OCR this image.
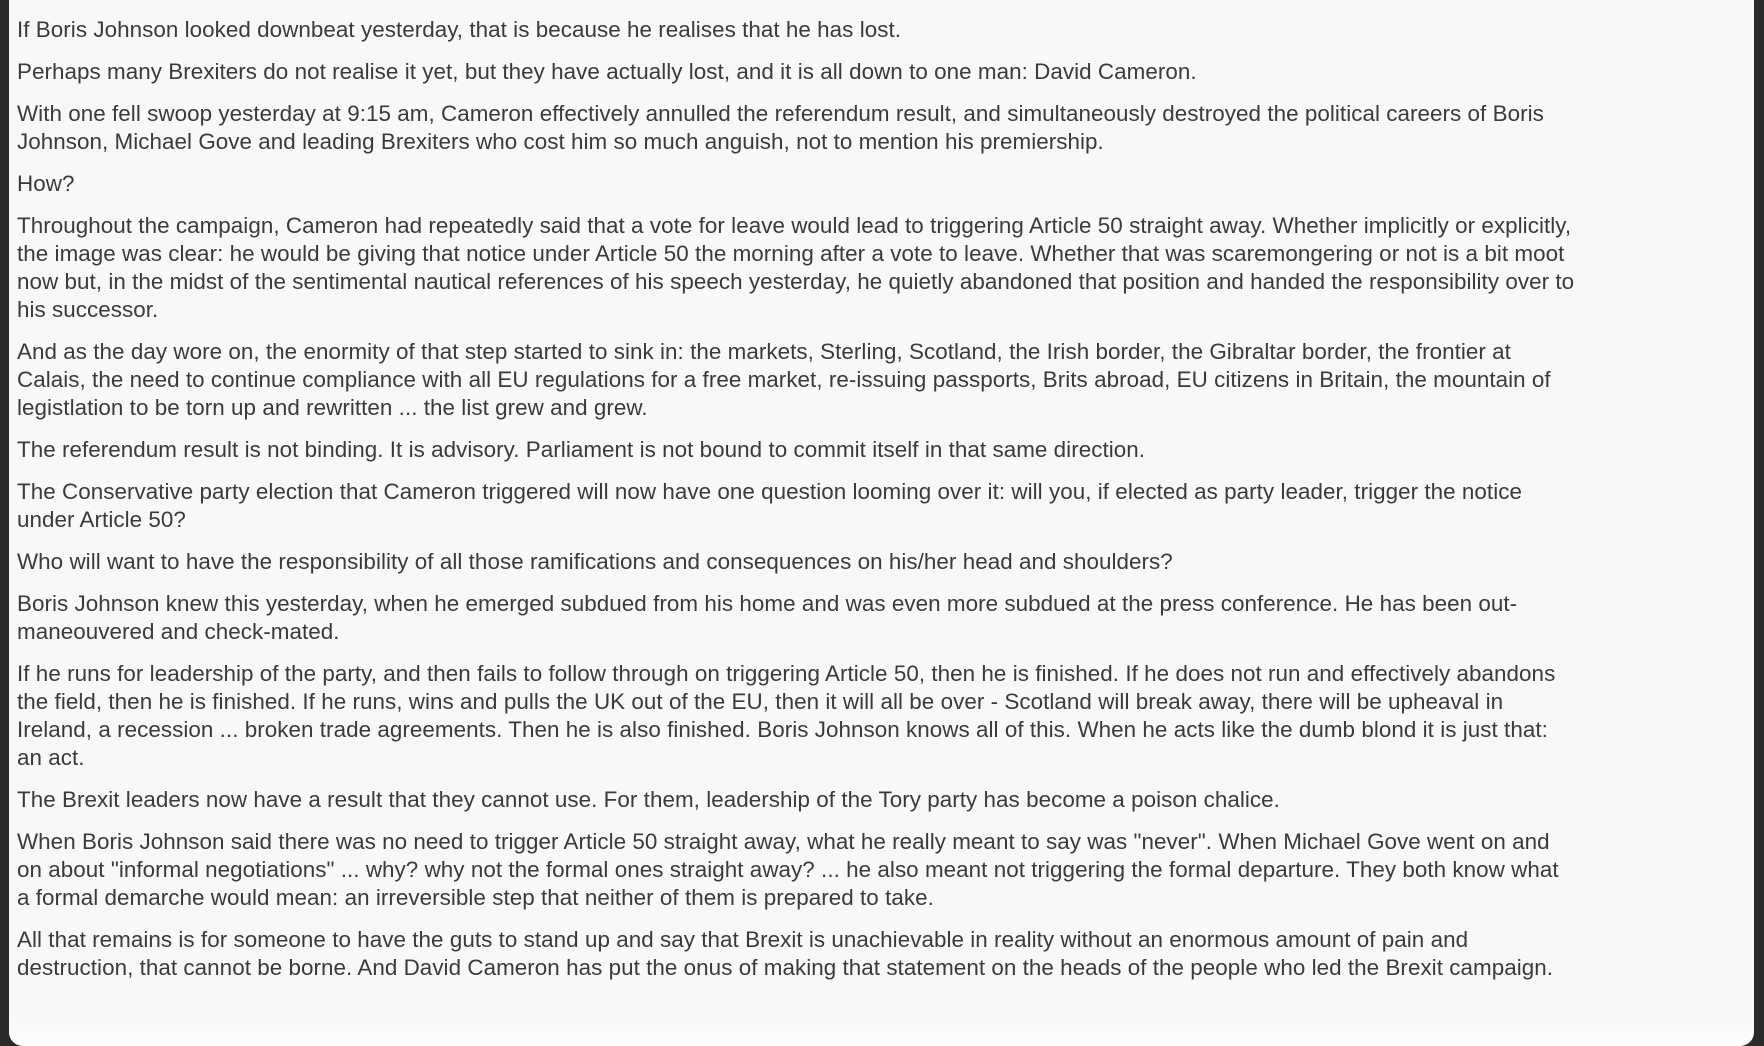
If Boris Johnson looked downbeat yesterday, that is because he realises that he has lost.

Perhaps many Brexiters do not realise it yet, but they have actually lost, and it is all down to one man: David Cameron.

With one fell swoop yesterday at 9:15 am, Cameron effectively annulled the referendum result, and simultaneously destroyed the political careers of Boris Johnson, Michael Gove and leading Brexiters who cost him so much anguish, not to mention his premiership.

How?

Throughout the campaign, Cameron had repeatedly said that a vote for leave would lead to triggering Article 50 straight away. Whether implicitly or explicitly, the image was clear: he would be giving that notice under Article 50 the morning after a vote to leave. Whether that was scaremongering or not is a bit moot now but, in the midst of the sentimental nautical references of his speech yesterday, he quietly abandoned that position and handed the responsibility over to his successor.

And as the day wore on, the enormity of that step started to sink in: the markets, Sterling, Scotland, the Irish border, the Gibraltar border, the frontier at Calais, the need to continue compliance with all EU regulations for a free market, re-issuing passports, Brits abroad, EU citizens in Britain, the mountain of legistlation to be torn up and rewritten ... the list grew and grew.

The referendum result is not binding. It is advisory. Parliament is not bound to commit itself in that same direction.

The Conservative party election that Cameron triggered will now have one question looming over it: will you, if elected as party leader, trigger the notice under Article 50?

Who will want to have the responsibility of all those ramifications and consequences on his/her head and shoulders?

Boris Johnson knew this yesterday, when he emerged subdued from his home and was even more subdued at the press conference. He has been out-maneouvered and check-mated.

If he runs for leadership of the party, and then fails to follow through on triggering Article 50, then he is finished. If he does not run and effectively abandons the field, then he is finished. If he runs, wins and pulls the UK out of the EU, then it will all be over - Scotland will break away, there will be upheaval in Ireland, a recession ... broken trade agreements. Then he is also finished. Boris Johnson knows all of this. When he acts like the dumb blond it is just that: an act.

The Brexit leaders now have a result that they cannot use. For them, leadership of the Tory party has become a poison chalice.

When Boris Johnson said there was no need to trigger Article 50 straight away, what he really meant to say was "never". When Michael Gove went on and on about "informal negotiations" ... why? why not the formal ones straight away? ... he also meant not triggering the formal departure. They both know what a formal demarche would mean: an irreversible step that neither of them is prepared to take.

All that remains is for someone to have the guts to stand up and say that Brexit is unachievable in reality without an enormous amount of pain and destruction, that cannot be borne. And David Cameron has put the onus of making that statement on the heads of the people who led the Brexit campaign.
